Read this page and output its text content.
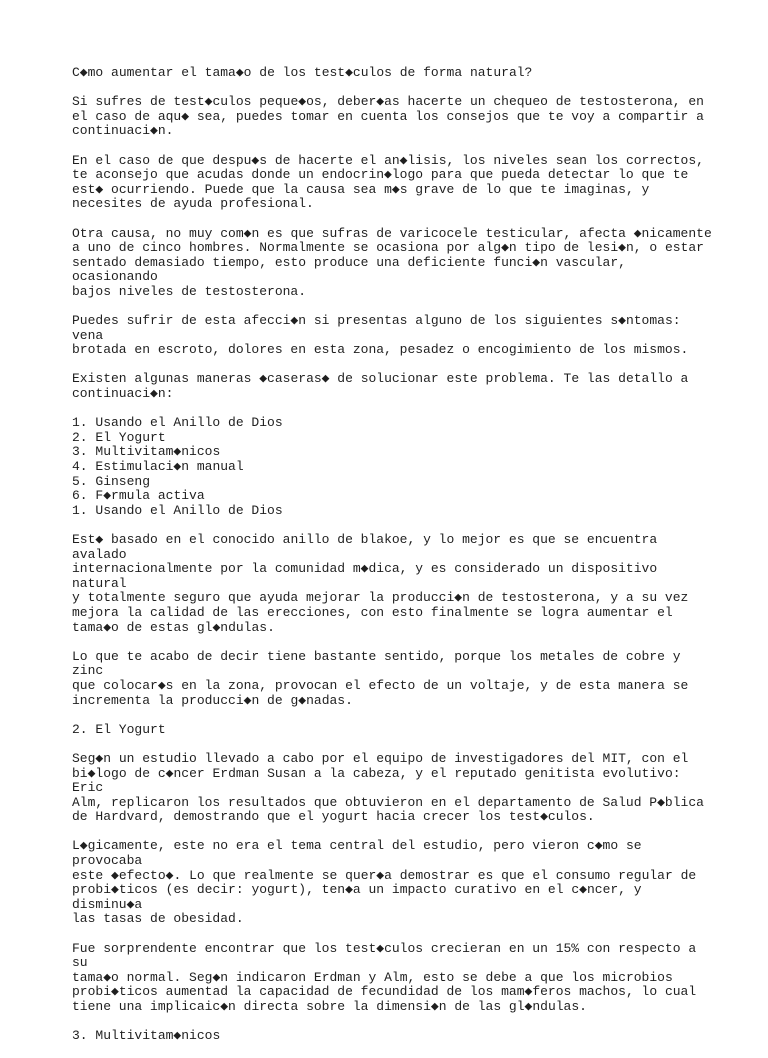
C◆mo aumentar el tama◆o de los test◆culos de forma natural?

Si sufres de test◆culos peque◆os, deber◆as hacerte un chequeo de testosterona, en
el caso de aqu◆ sea, puedes tomar en cuenta los consejos que te voy a compartir a
continuaci◆n.

En el caso de que despu◆s de hacerte el an◆lisis, los niveles sean los correctos,
te aconsejo que acudas donde un endocrin◆logo para que pueda detectar lo que te
est◆ ocurriendo. Puede que la causa sea m◆s grave de lo que te imaginas, y
necesites de ayuda profesional.

Otra causa, no muy com◆n es que sufras de varicocele testicular, afecta ◆nicamente
a uno de cinco hombres. Normalmente se ocasiona por alg◆n tipo de lesi◆n, o estar
sentado demasiado tiempo, esto produce una deficiente funci◆n vascular, ocasionando
bajos niveles de testosterona.

Puedes sufrir de esta afecci◆n si presentas alguno de los siguientes s◆ntomas: vena
brotada en escroto, dolores en esta zona, pesadez o encogimiento de los mismos.

Existen algunas maneras ◆caseras◆ de solucionar este problema. Te las detallo a
continuaci◆n:

1. Usando el Anillo de Dios
2. El Yogurt
3. Multivitam◆nicos
4. Estimulaci◆n manual
5. Ginseng
6. F◆rmula activa
1. Usando el Anillo de Dios

Est◆ basado en el conocido anillo de blakoe, y lo mejor es que se encuentra avalado
internacionalmente por la comunidad m◆dica, y es considerado un dispositivo natural
y totalmente seguro que ayuda mejorar la producci◆n de testosterona, y a su vez
mejora la calidad de las erecciones, con esto finalmente se logra aumentar el
tama◆o de estas gl◆ndulas.

Lo que te acabo de decir tiene bastante sentido, porque los metales de cobre y zinc
que colocar◆s en la zona, provocan el efecto de un voltaje, y de esta manera se
incrementa la producci◆n de g◆nadas.

2. El Yogurt

Seg◆n un estudio llevado a cabo por el equipo de investigadores del MIT, con el
bi◆logo de c◆ncer Erdman Susan a la cabeza, y el reputado genitista evolutivo: Eric
Alm, replicaron los resultados que obtuvieron en el departamento de Salud P◆blica
de Hardvard, demostrando que el yogurt hacia crecer los test◆culos.

L◆gicamente, este no era el tema central del estudio, pero vieron c◆mo se provocaba
este ◆efecto◆. Lo que realmente se quer◆a demostrar es que el consumo regular de
probi◆ticos (es decir: yogurt), ten◆a un impacto curativo en el c◆ncer, y disminu◆a
las tasas de obesidad.

Fue sorprendente encontrar que los test◆culos crecieran en un 15% con respecto a su
tama◆o normal. Seg◆n indicaron Erdman y Alm, esto se debe a que los microbios
probi◆ticos aumentad la capacidad de fecundidad de los mam◆feros machos, lo cual
tiene una implicaic◆n directa sobre la dimensi◆n de las gl◆ndulas.

3. Multivitam◆nicos
